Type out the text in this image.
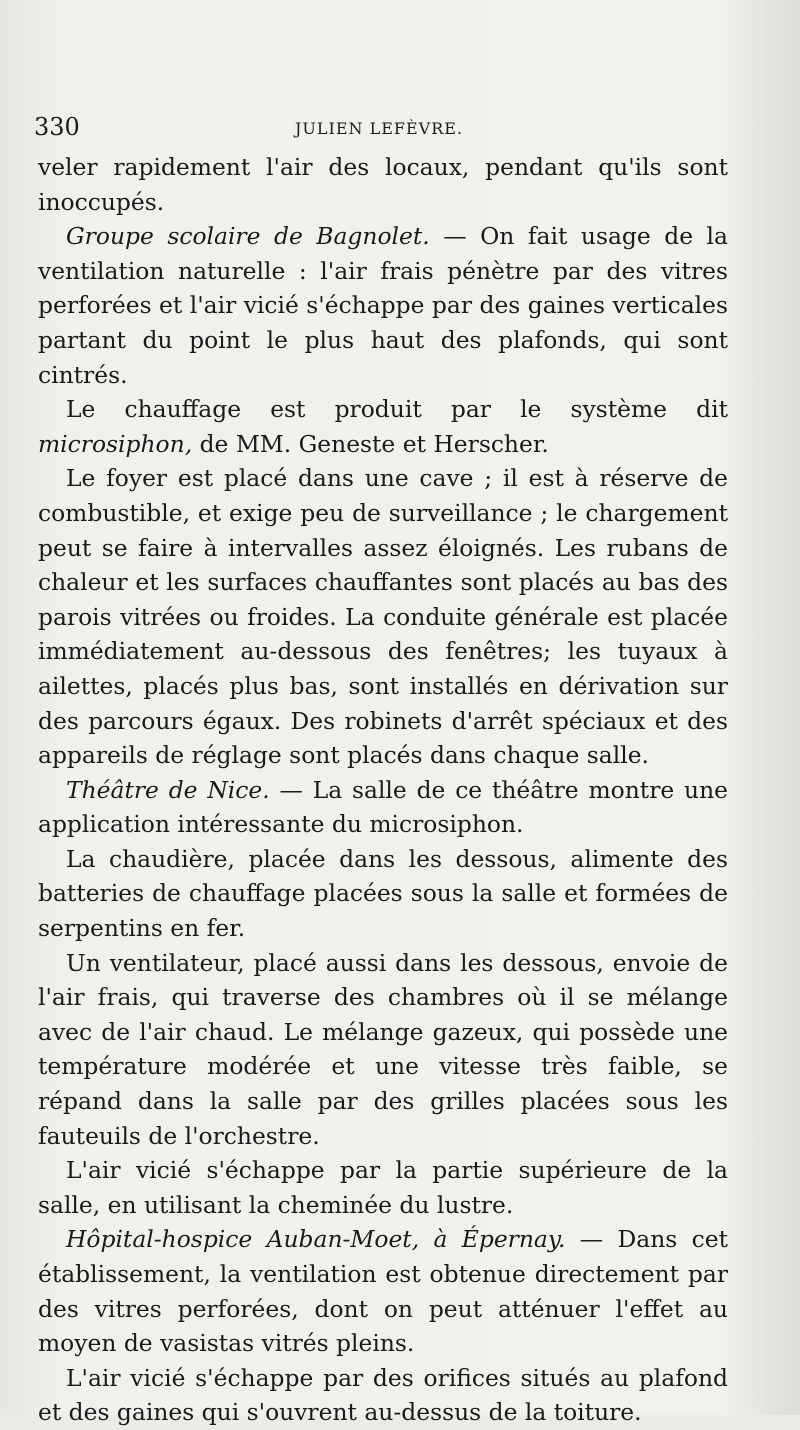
330	JULIEN LEFÈVRE.

veler rapidement l'air des locaux, pendant qu'ils sont inoccupés.

Groupe scolaire de Bagnolet. — On fait usage de la ventilation naturelle : l'air frais pénètre par des vitres perforées et l'air vicié s'échappe par des gaines verticales partant du point le plus haut des plafonds, qui sont cintrés.

Le chauffage est produit par le système dit microsiphon, de MM. Geneste et Herscher.

Le foyer est placé dans une cave ; il est à réserve de combustible, et exige peu de surveillance ; le chargement peut se faire à intervalles assez éloignés. Les rubans de chaleur et les surfaces chauffantes sont placés au bas des parois vitrées ou froides. La conduite générale est placée immédiatement au-dessous des fenêtres; les tuyaux à ailettes, placés plus bas, sont installés en dérivation sur des parcours égaux. Des robinets d'arrêt spéciaux et des appareils de réglage sont placés dans chaque salle.

Théâtre de Nice. — La salle de ce théâtre montre une application intéressante du microsiphon.

La chaudière, placée dans les dessous, alimente des batteries de chauffage placées sous la salle et formées de serpentins en fer.

Un ventilateur, placé aussi dans les dessous, envoie de l'air frais, qui traverse des chambres où il se mélange avec de l'air chaud. Le mélange gazeux, qui possède une température modérée et une vitesse très faible, se répand dans la salle par des grilles placées sous les fauteuils de l'orchestre.

L'air vicié s'échappe par la partie supérieure de la salle, en utilisant la cheminée du lustre.

Hôpital-hospice Auban-Moet, à Épernay. — Dans cet établissement, la ventilation est obtenue directement par des vitres perforées, dont on peut atténuer l'effet au moyen de vasistas vitrés pleins.

L'air vicié s'échappe par des orifices situés au plafond et des gaines qui s'ouvrent au-dessus de la toiture.
